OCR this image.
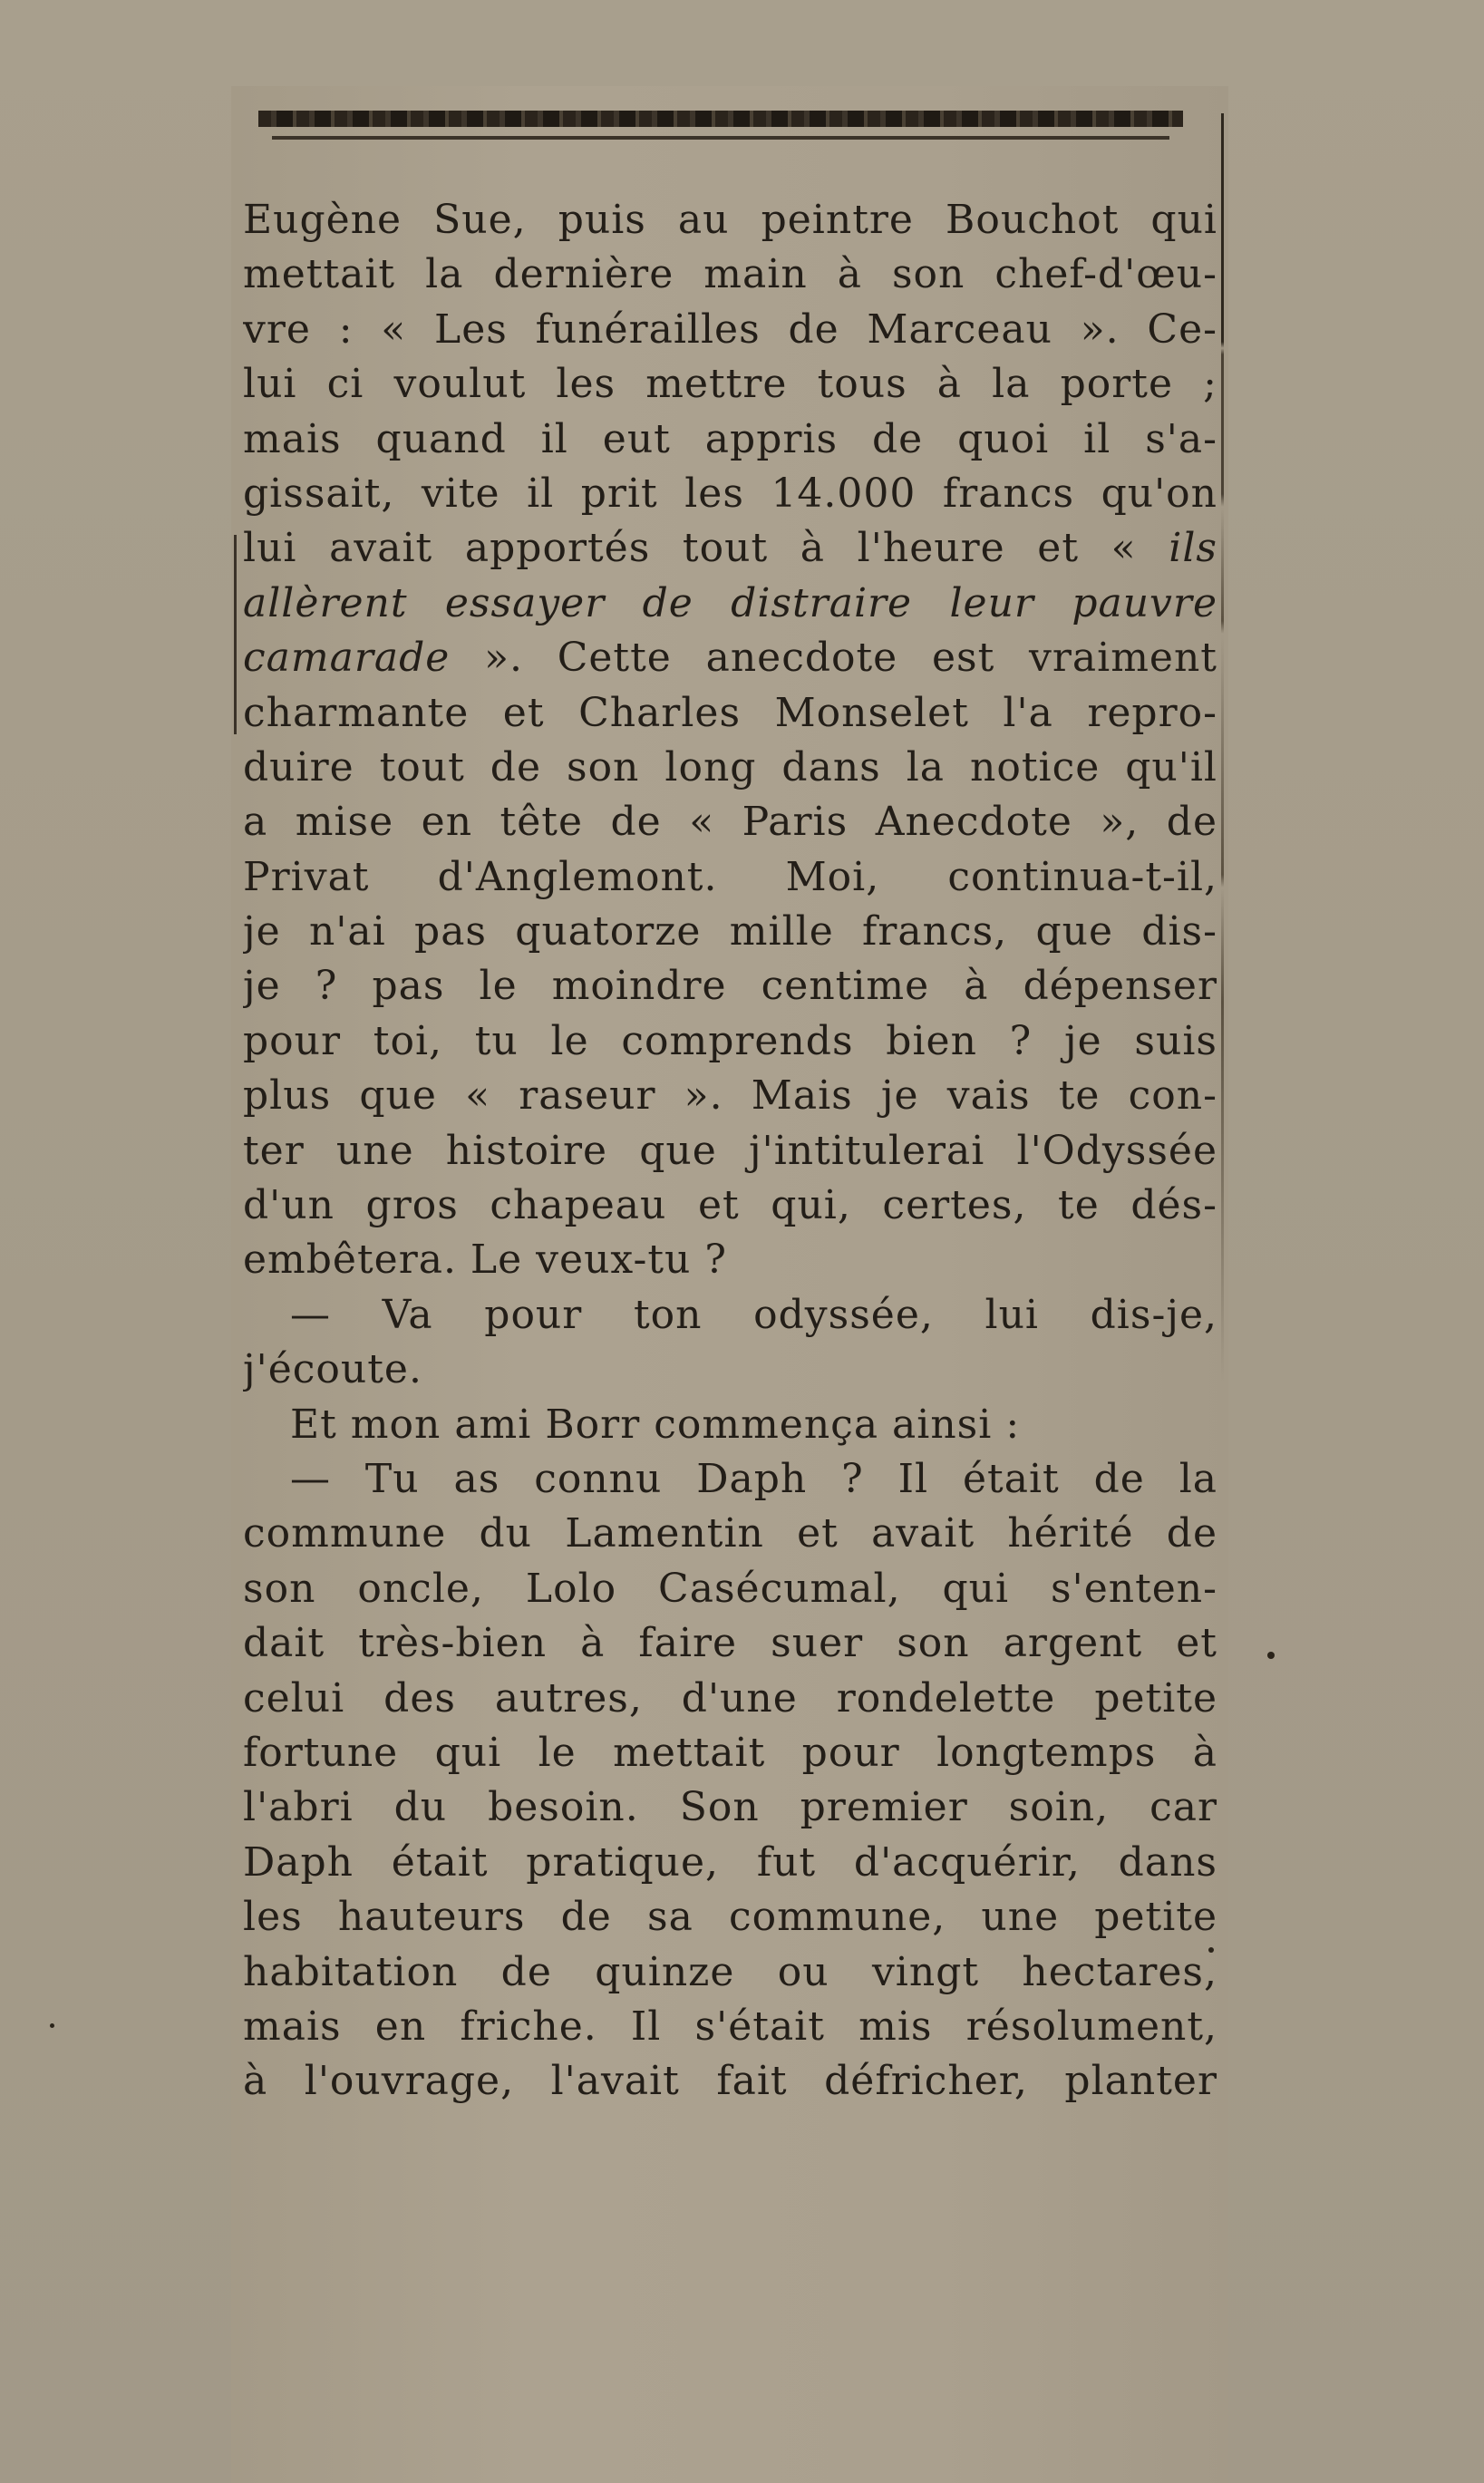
Eugène Sue, puis au peintre Bouchot qui
mettait la dernière main à son chef-d'œu-
vre : « Les funérailles de Marceau ». Ce-
lui ci voulut les mettre tous à la porte ;
mais quand il eut appris de quoi il s'a-
gissait, vite il prit les 14.000 francs qu'on
lui avait apportés tout à l'heure et « ils
allèrent essayer de distraire leur pauvre
camarade ». Cette anecdote est vraiment
charmante et Charles Monselet l'a repro-
duire tout de son long dans la notice qu'il
a mise en tête de « Paris Anecdote », de
Privat d'Anglemont. Moi, continua-t-il,
je n'ai pas quatorze mille francs, que dis-
je ? pas le moindre centime à dépenser
pour toi, tu le comprends bien ? je suis
plus que « raseur ». Mais je vais te con-
ter une histoire que j'intitulerai l'Odyssée
d'un gros chapeau et qui, certes, te dés-
embêtera. Le veux-tu ?
— Va pour ton odyssée, lui dis-je,
j'écoute.
Et mon ami Borr commença ainsi :
— Tu as connu Daph ? Il était de la
commune du Lamentin et avait hérité de
son oncle, Lolo Casécumal, qui s'enten-
dait très-bien à faire suer son argent et
celui des autres, d'une rondelette petite
fortune qui le mettait pour longtemps à
l'abri du besoin. Son premier soin, car
Daph était pratique, fut d'acquérir, dans
les hauteurs de sa commune, une petite
habitation de quinze ou vingt hectares,
mais en friche. Il s'était mis résolument,
à l'ouvrage, l'avait fait défricher, planter
